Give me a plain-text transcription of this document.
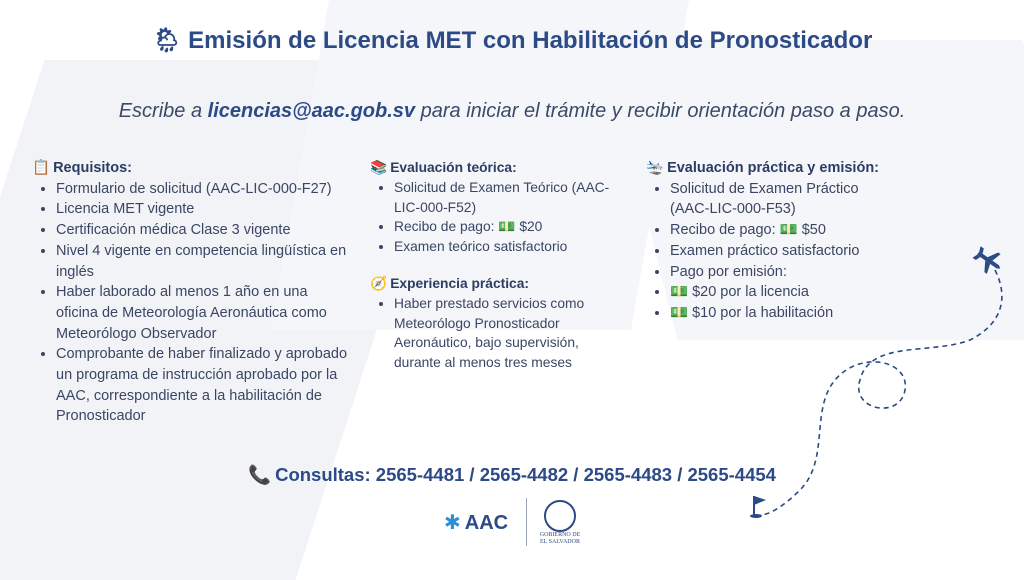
🌦 Emisión de Licencia MET con Habilitación de Pronosticador
Escribe a licencias@aac.gob.sv para iniciar el trámite y recibir orientación paso a paso.
📋 Requisitos:
• Formulario de solicitud (AAC-LIC-000-F27)
• Licencia MET vigente
• Certificación médica Clase 3 vigente
• Nivel 4 vigente en competencia lingüística en inglés
• Haber laborado al menos 1 año en una oficina de Meteorología Aeronáutica como Meteorólogo Observador
• Comprobante de haber finalizado y aprobado un programa de instrucción aprobado por la AAC, correspondiente a la habilitación de Pronosticador
📚 Evaluación teórica:
• Solicitud de Examen Teórico (AAC-LIC-000-F52)
• Recibo de pago: 💵 $20
• Examen teórico satisfactorio
🧭 Experiencia práctica:
• Haber prestado servicios como Meteorólogo Pronosticador Aeronáutico, bajo supervisión, durante al menos tres meses
🛬 Evaluación práctica y emisión:
• Solicitud de Examen Práctico (AAC-LIC-000-F53)
• Recibo de pago: 💵 $50
• Examen práctico satisfactorio
• Pago por emisión:
• 💵 $20 por la licencia
• 💵 $10 por la habilitación
📞 Consultas: 2565-4481 / 2565-4482 / 2565-4483 / 2565-4454
✱ AAC
GOBIERNO DE EL SALVADOR
